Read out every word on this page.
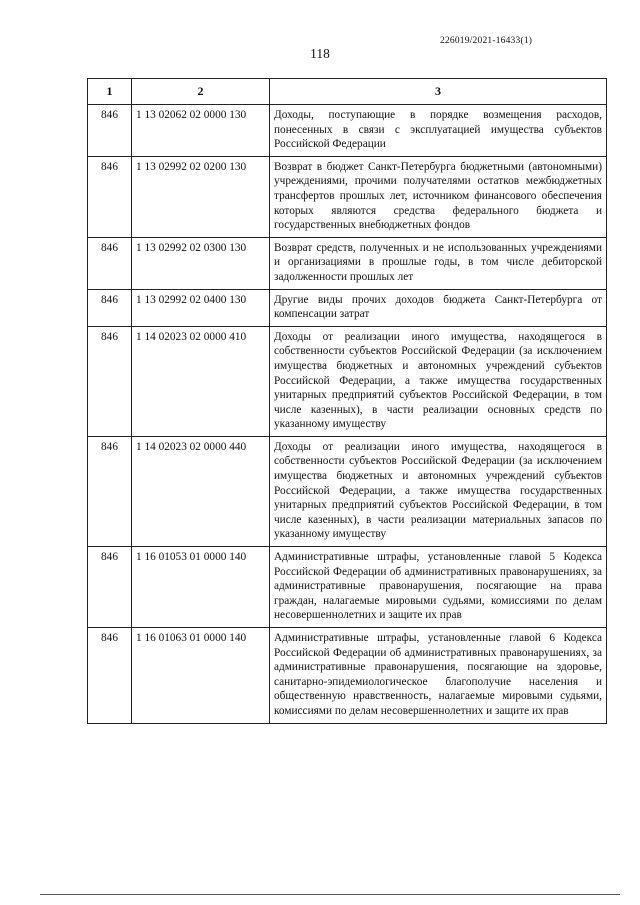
226019/2021-16433(1)
118
1	2	3
846	1 13 02062 02 0000 130	Доходы, поступающие в порядке возмещения расходов, понесенных в связи с эксплуатацией имущества субъектов Российской Федерации
846	1 13 02992 02 0200 130	Возврат в бюджет Санкт-Петербурга бюджетными (автономными) учреждениями, прочими получателями остатков межбюджетных трансфертов прошлых лет, источником финансового обеспечения которых являются средства федерального бюджета и государственных внебюджетных фондов
846	1 13 02992 02 0300 130	Возврат средств, полученных и не использованных учреждениями и организациями в прошлые годы, в том числе дебиторской задолженности прошлых лет
846	1 13 02992 02 0400 130	Другие виды прочих доходов бюджета Санкт-Петербурга от компенсации затрат
846	1 14 02023 02 0000 410	Доходы от реализации иного имущества, находящегося в собственности субъектов Российской Федерации (за исключением имущества бюджетных и автономных учреждений субъектов Российской Федерации, а также имущества государственных унитарных предприятий субъектов Российской Федерации, в том числе казенных), в части реализации основных средств по указанному имуществу
846	1 14 02023 02 0000 440	Доходы от реализации иного имущества, находящегося в собственности субъектов Российской Федерации (за исключением имущества бюджетных и автономных учреждений субъектов Российской Федерации, а также имущества государственных унитарных предприятий субъектов Российской Федерации, в том числе казенных), в части реализации материальных запасов по указанному имуществу
846	1 16 01053 01 0000 140	Административные штрафы, установленные главой 5 Кодекса Российской Федерации об административных правонарушениях, за административные правонарушения, посягающие на права граждан, налагаемые мировыми судьями, комиссиями по делам несовершеннолетних и защите их прав
846	1 16 01063 01 0000 140	Административные штрафы, установленные главой 6 Кодекса Российской Федерации об административных правонарушениях, за административные правонарушения, посягающие на здоровье, санитарно-эпидемиологическое благополучие населения и общественную нравственность, налагаемые мировыми судьями, комиссиями по делам несовершеннолетних и защите их прав
